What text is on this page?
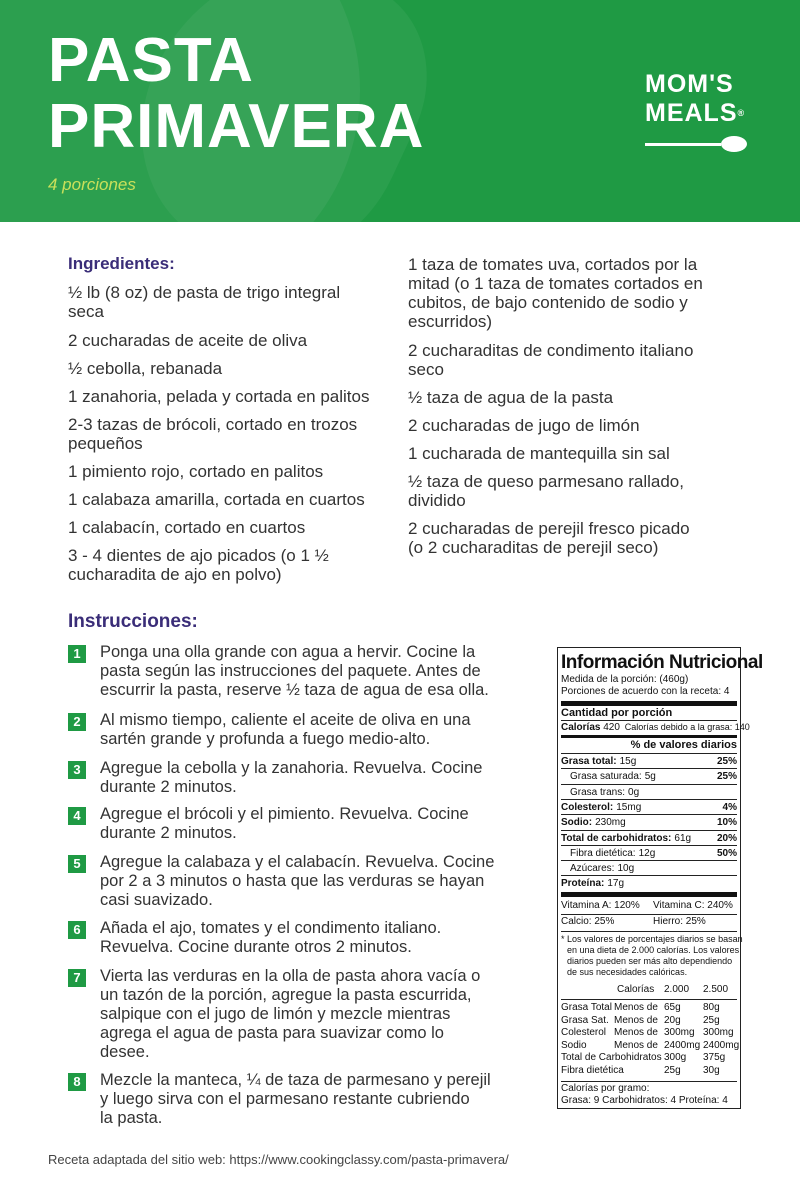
PASTA
PRIMAVERA
4 porciones
MOM'S
MEALS®
Ingredientes:
½ lb (8 oz) de pasta de trigo integral
seca
2 cucharadas de aceite de oliva
½ cebolla, rebanada
1 zanahoria, pelada y cortada en palitos
2-3 tazas de brócoli, cortado en trozos
pequeños
1 pimiento rojo, cortado en palitos
1 calabaza amarilla, cortada en cuartos
1 calabacín, cortado en cuartos
3 - 4 dientes de ajo picados (o 1 ½
cucharadita de ajo en polvo)
1 taza de tomates uva, cortados por la
mitad (o 1 taza de tomates cortados en
cubitos, de bajo contenido de sodio y
escurridos)
2 cucharaditas de condimento italiano
seco
½ taza de agua de la pasta
2 cucharadas de jugo de limón
1 cucharada de mantequilla sin sal
½ taza de queso parmesano rallado,
dividido
2 cucharadas de perejil fresco picado
(o 2 cucharaditas de perejil seco)
Instrucciones:
1	Ponga una olla grande con agua a hervir. Cocine la
pasta según las instrucciones del paquete. Antes de
escurrir la pasta, reserve ½ taza de agua de esa olla.
2	Al mismo tiempo, caliente el aceite de oliva en una
sartén grande y profunda a fuego medio-alto.
3	Agregue la cebolla y la zanahoria. Revuelva. Cocine
durante 2 minutos.
4	Agregue el brócoli y el pimiento. Revuelva. Cocine
durante 2 minutos.
5	Agregue la calabaza y el calabacín. Revuelva. Cocine
por 2 a 3 minutos o hasta que las verduras se hayan
casi suavizado.
6	Añada el ajo, tomates y el condimento italiano.
Revuelva. Cocine durante otros 2 minutos.
7	Vierta las verduras en la olla de pasta ahora vacía o
un tazón de la porción, agregue la pasta escurrida,
salpique con el jugo de limón y mezcle mientras
agrega el agua de pasta para suavizar como lo
desee.
8	Mezcle la manteca, ¼ de taza de parmesano y perejil
y luego sirva con el parmesano restante cubriendo
la pasta.
Información Nutricional
Medida de la porción: (460g)
Porciones de acuerdo con la receta: 4
Cantidad por porción
Calorías 420 Calorías debido a la grasa: 140
% de valores diarios
Vitamina A: 120% Vitamina C: 240%
Calcio: 25%	Hierro: 25%
Calorías 2.000 2.500
Calorías por gramo:
Grasa: 9 Carbohidratos: 4 Proteína: 4
Grasa total: 15g	25%
Grasa saturada: 5g	25%
Grasa trans: 0g
Colesterol: 15mg	4%
Sodio: 230mg	10%
Total de carbohidratos: 61g	20%
Fibra dietética: 12g	50%
Azúcares: 10g
Proteína: 17g
* Los valores de porcentajes diarios se basan
en una dieta de 2.000 calorías. Los valores
diarios pueden ser más alto dependiendo
de sus necesidades calóricas.
Grasa Total Menos de 65g 80g
Grasa Sat. Menos de 20g 25g
Colesterol Menos de 300mg 300mg
Sodio	Menos de 2400mg 2400mg
Total de Carbohidratos 300g 375g
Fibra dietética	25g 30g
Receta adaptada del sitio web: https://www.cookingclassy.com/pasta-primavera/
